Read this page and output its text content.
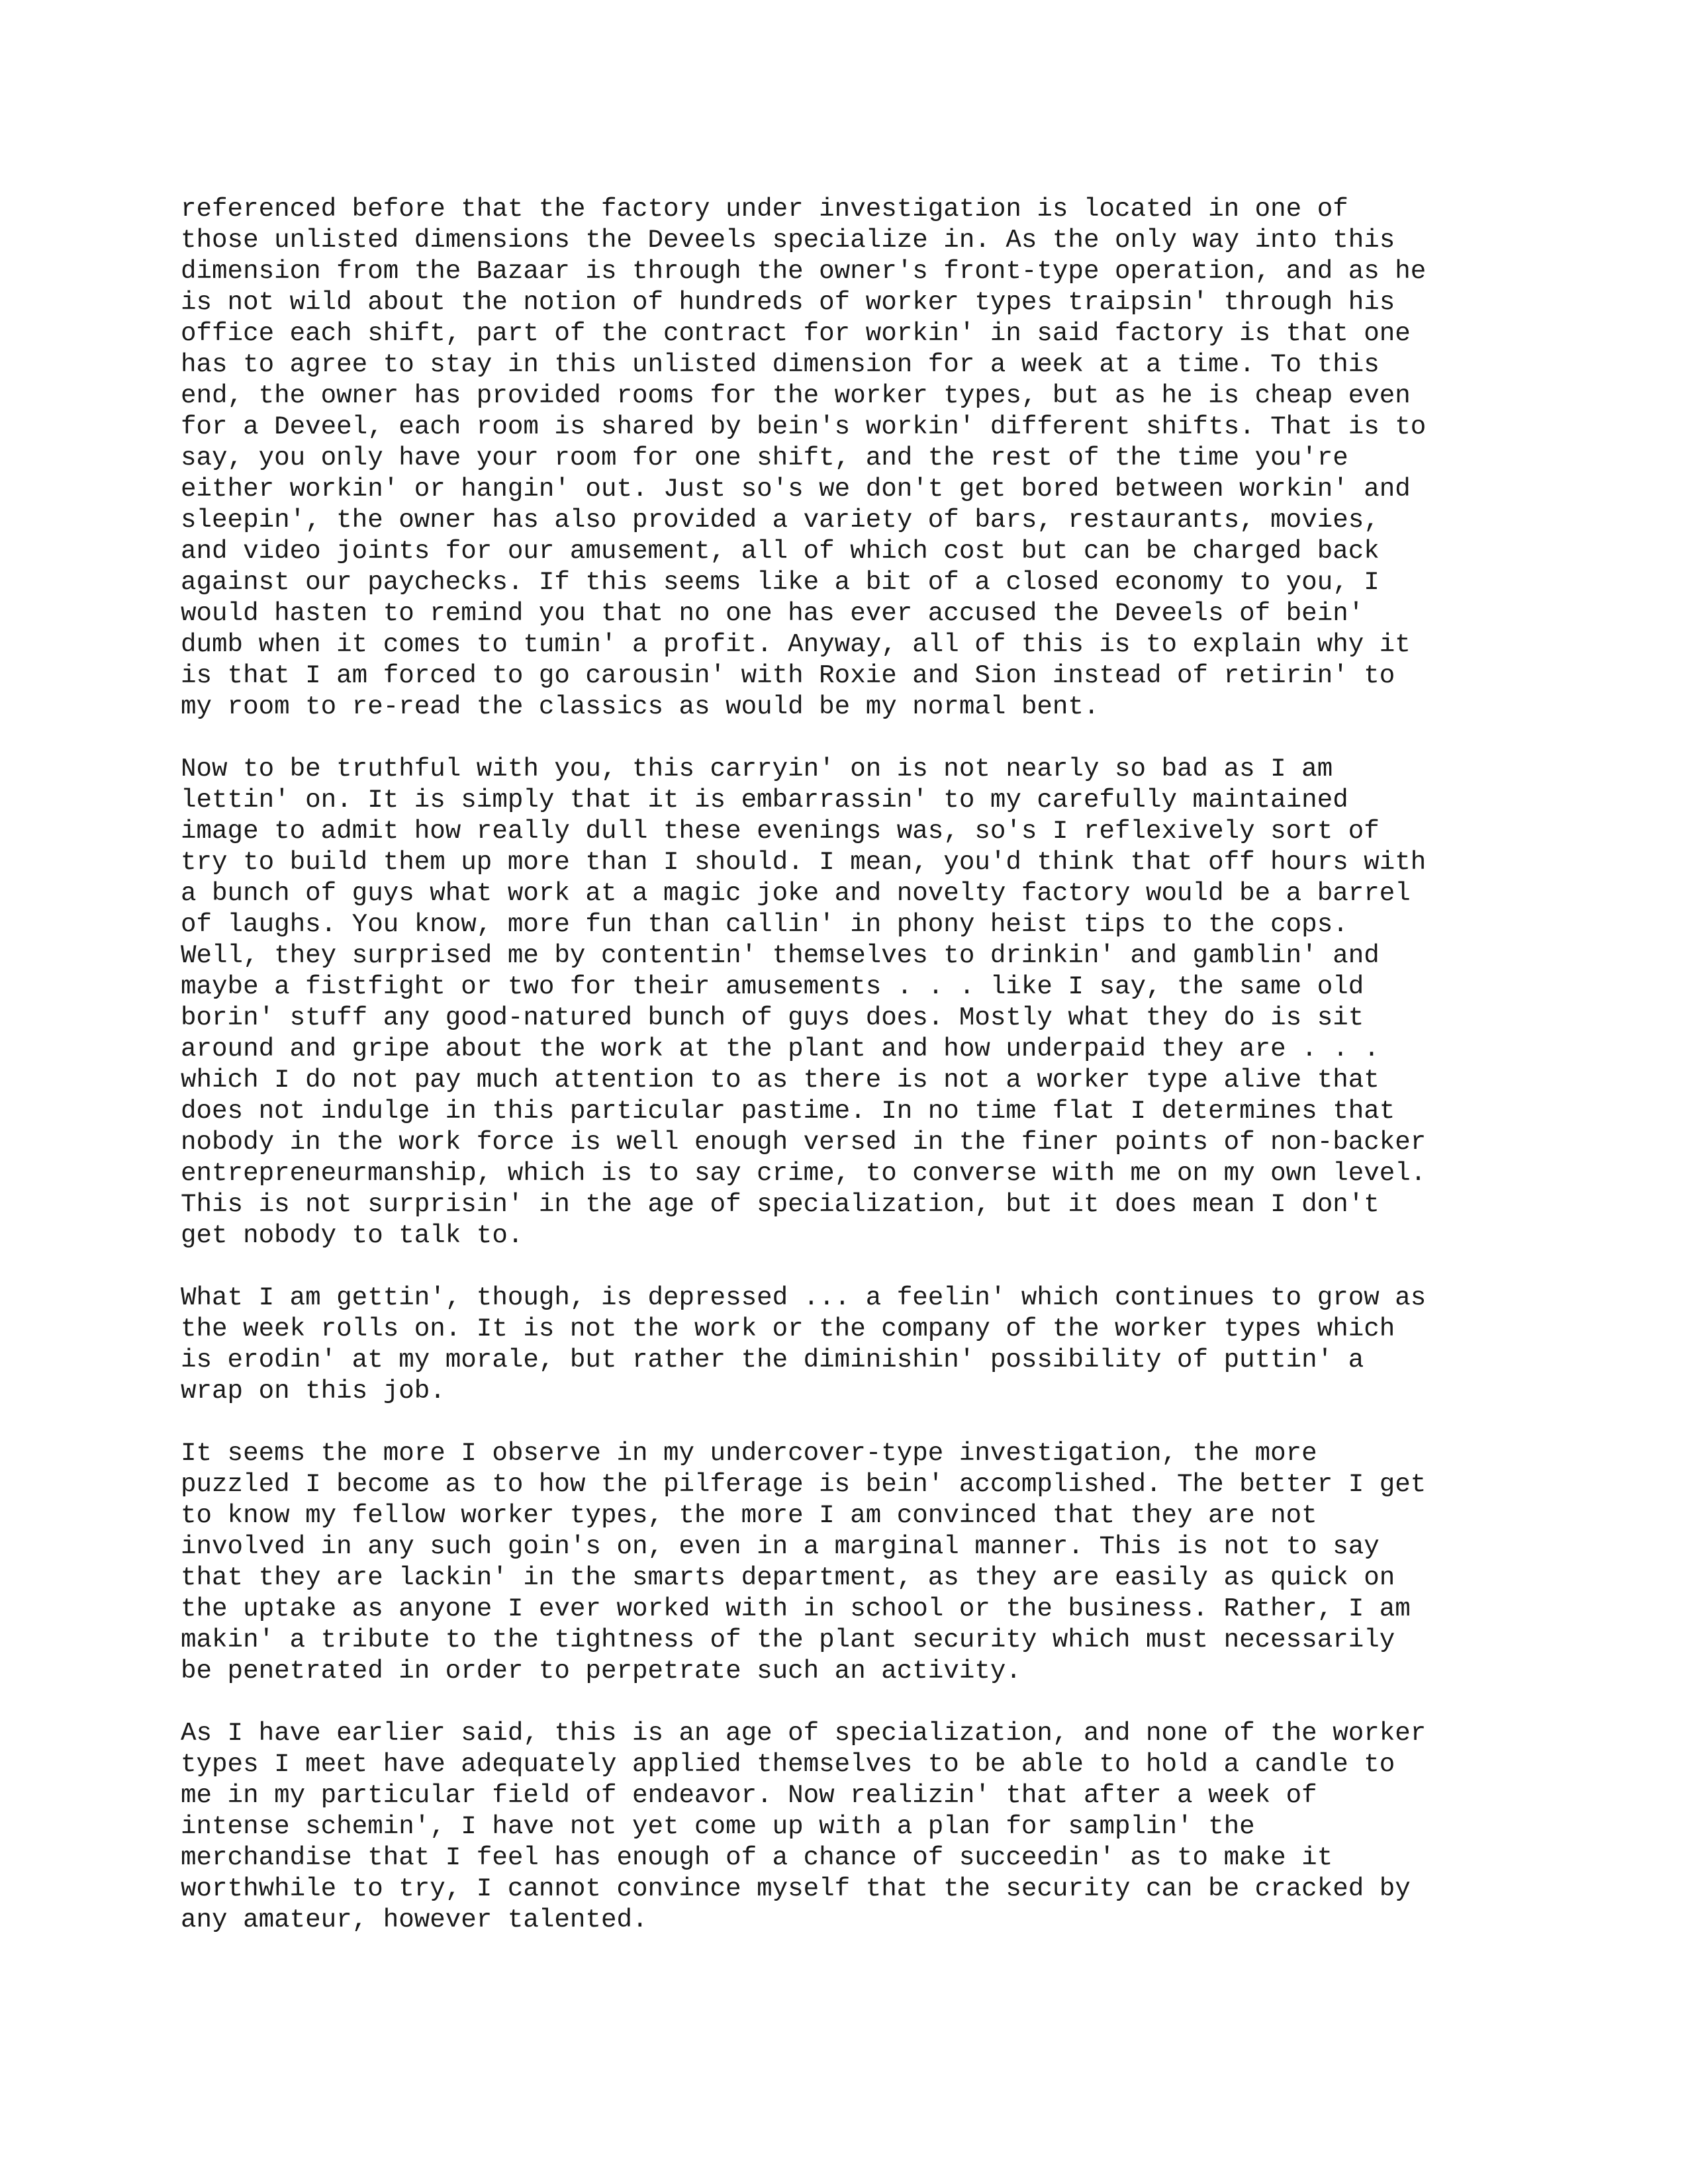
referenced before that the factory under investigation is located in one of
those unlisted dimensions the Deveels specialize in. As the only way into this
dimension from the Bazaar is through the owner's front-type operation, and as he
is not wild about the notion of hundreds of worker types traipsin' through his
office each shift, part of the contract for workin' in said factory is that one
has to agree to stay in this unlisted dimension for a week at a time. To this
end, the owner has provided rooms for the worker types, but as he is cheap even
for a Deveel, each room is shared by bein's workin' different shifts. That is to
say, you only have your room for one shift, and the rest of the time you're
either workin' or hangin' out. Just so's we don't get bored between workin' and
sleepin', the owner has also provided a variety of bars, restaurants, movies,
and video joints for our amusement, all of which cost but can be charged back
against our paychecks. If this seems like a bit of a closed economy to you, I
would hasten to remind you that no one has ever accused the Deveels of bein'
dumb when it comes to tumin' a profit. Anyway, all of this is to explain why it
is that I am forced to go carousin' with Roxie and Sion instead of retirin' to
my room to re-read the classics as would be my normal bent.

Now to be truthful with you, this carryin' on is not nearly so bad as I am
lettin' on. It is simply that it is embarrassin' to my carefully maintained
image to admit how really dull these evenings was, so's I reflexively sort of
try to build them up more than I should. I mean, you'd think that off hours with
a bunch of guys what work at a magic joke and novelty factory would be a barrel
of laughs. You know, more fun than callin' in phony heist tips to the cops.
Well, they surprised me by contentin' themselves to drinkin' and gamblin' and
maybe a fistfight or two for their amusements . . . like I say, the same old
borin' stuff any good-natured bunch of guys does. Mostly what they do is sit
around and gripe about the work at the plant and how underpaid they are . . .
which I do not pay much attention to as there is not a worker type alive that
does not indulge in this particular pastime. In no time flat I determines that
nobody in the work force is well enough versed in the finer points of non-backer
entrepreneurmanship, which is to say crime, to converse with me on my own level.
This is not surprisin' in the age of specialization, but it does mean I don't
get nobody to talk to.

What I am gettin', though, is depressed ... a feelin' which continues to grow as
the week rolls on. It is not the work or the company of the worker types which
is erodin' at my morale, but rather the diminishin' possibility of puttin' a
wrap on this job.

It seems the more I observe in my undercover-type investigation, the more
puzzled I become as to how the pilferage is bein' accomplished. The better I get
to know my fellow worker types, the more I am convinced that they are not
involved in any such goin's on, even in a marginal manner. This is not to say
that they are lackin' in the smarts department, as they are easily as quick on
the uptake as anyone I ever worked with in school or the business. Rather, I am
makin' a tribute to the tightness of the plant security which must necessarily
be penetrated in order to perpetrate such an activity.

As I have earlier said, this is an age of specialization, and none of the worker
types I meet have adequately applied themselves to be able to hold a candle to
me in my particular field of endeavor. Now realizin' that after a week of
intense schemin', I have not yet come up with a plan for samplin' the
merchandise that I feel has enough of a chance of succeedin' as to make it
worthwhile to try, I cannot convince myself that the security can be cracked by
any amateur, however talented.
